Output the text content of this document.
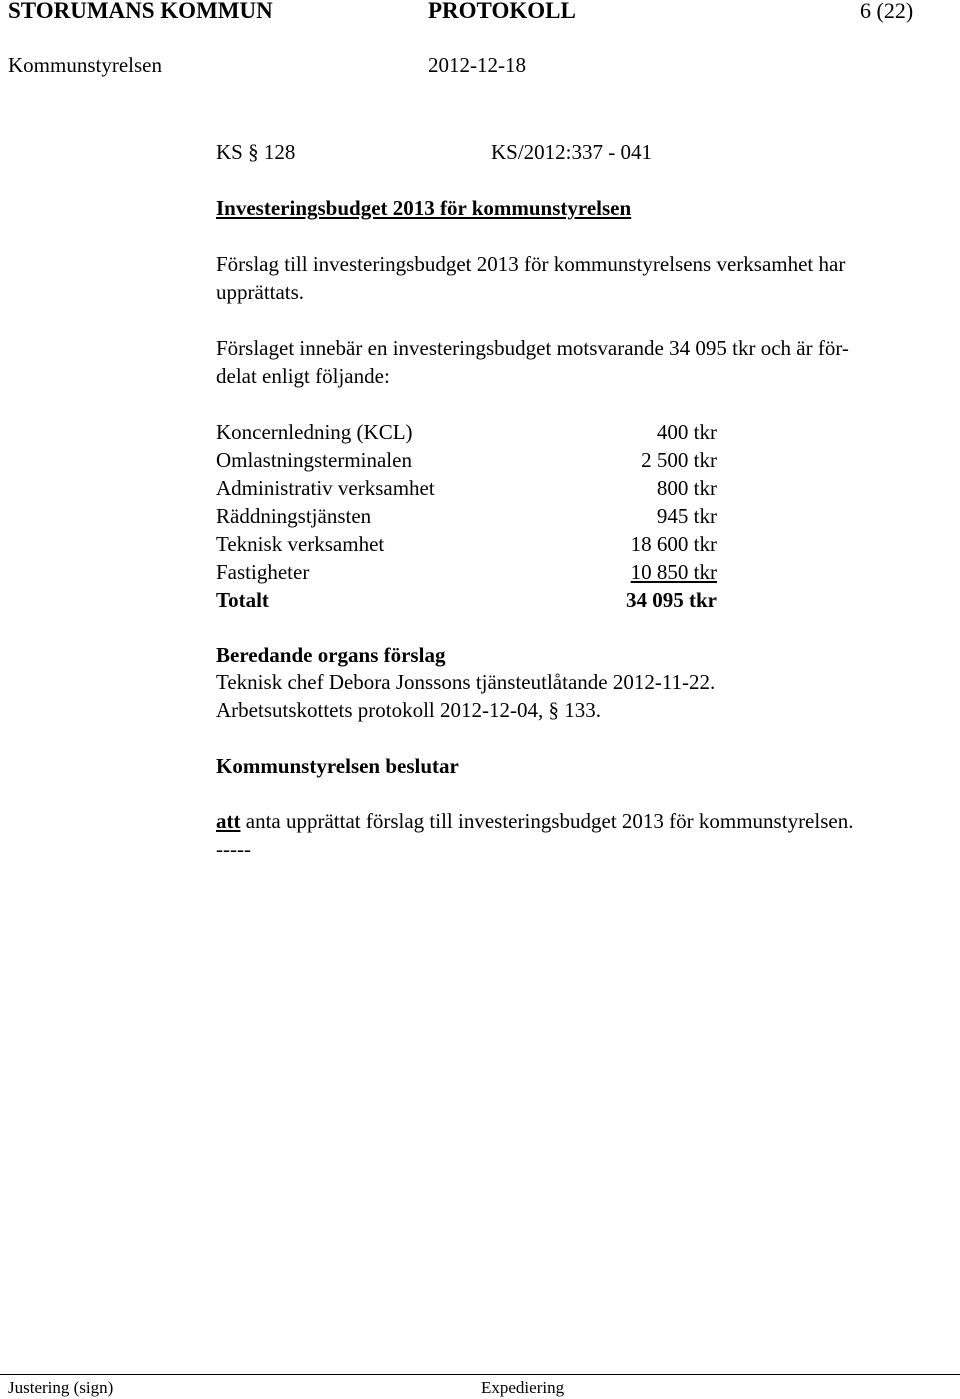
STORUMANS KOMMUN	PROTOKOLL	6 (22)
Kommunstyrelsen	2012-12-18
KS § 128	KS/2012:337 - 041
Investeringsbudget 2013 för kommunstyrelsen
Förslag till investeringsbudget 2013 för kommunstyrelsens verksamhet har
upprättats.
Förslaget innebär en investeringsbudget motsvarande 34 095 tkr och är för-
delat enligt följande:
Koncernledning (KCL)	400 tkr
Omlastningsterminalen	2 500 tkr
Administrativ verksamhet	800 tkr
Räddningstjänsten	945 tkr
Teknisk verksamhet	18 600 tkr
Fastigheter	10 850 tkr
Totalt	34 095 tkr
Beredande organs förslag
Teknisk chef Debora Jonssons tjänsteutlåtande 2012-11-22.
Arbetsutskottets protokoll 2012-12-04, § 133.
Kommunstyrelsen beslutar
att anta upprättat förslag till investeringsbudget 2013 för kommunstyrelsen.
-----
Justering (sign)	Expediering
